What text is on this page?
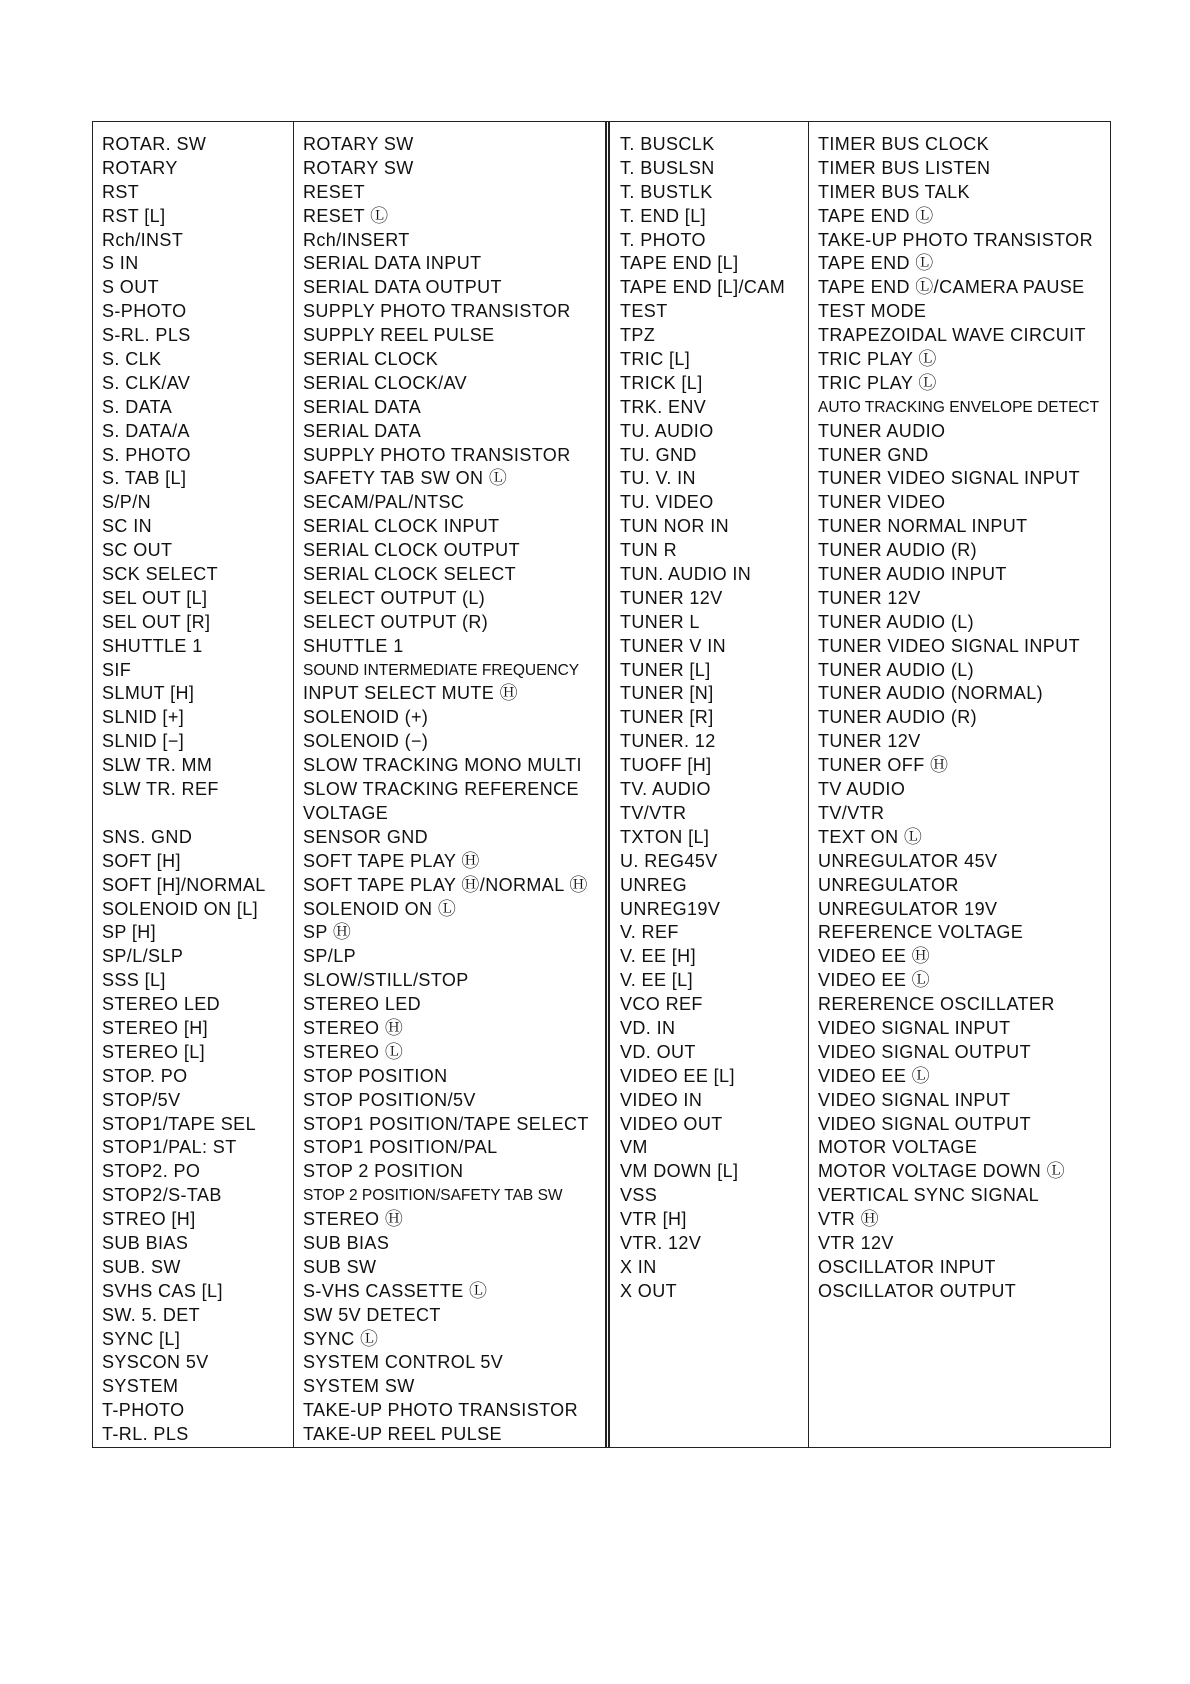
ROTAR. SW
ROTARY
RST
RST [L]
Rch/INST
S IN
S OUT
S-PHOTO
S-RL. PLS
S. CLK
S. CLK/AV
S. DATA
S. DATA/A
S. PHOTO
S. TAB [L]
S/P/N
SC IN
SC OUT
SCK SELECT
SEL OUT [L]
SEL OUT [R]
SHUTTLE 1
SIF
SLMUT [H]
SLNID [+]
SLNID [−]
SLW TR. MM
SLW TR. REF
SNS. GND
SOFT [H]
SOFT [H]/NORMAL
SOLENOID ON [L]
SP [H]
SP/L/SLP
SSS [L]
STEREO LED
STEREO [H]
STEREO [L]
STOP. PO
STOP/5V
STOP1/TAPE SEL
STOP1/PAL: ST
STOP2. PO
STOP2/S-TAB
STREO [H]
SUB BIAS
SUB. SW
SVHS CAS [L]
SW. 5. DET
SYNC [L]
SYSCON 5V
SYSTEM
T-PHOTO
T-RL. PLS
ROTARY SW
ROTARY SW
RESET
RESET Ⓛ
Rch/INSERT
SERIAL DATA INPUT
SERIAL DATA OUTPUT
SUPPLY PHOTO TRANSISTOR
SUPPLY REEL PULSE
SERIAL CLOCK
SERIAL CLOCK/AV
SERIAL DATA
SERIAL DATA
SUPPLY PHOTO TRANSISTOR
SAFETY TAB SW ON Ⓛ
SECAM/PAL/NTSC
SERIAL CLOCK INPUT
SERIAL CLOCK OUTPUT
SERIAL CLOCK SELECT
SELECT OUTPUT (L)
SELECT OUTPUT (R)
SHUTTLE 1
SOUND INTERMEDIATE FREQUENCY
INPUT SELECT MUTE Ⓗ
SOLENOID (+)
SOLENOID (−)
SLOW TRACKING MONO MULTI
SLOW TRACKING REFERENCE
VOLTAGE
SENSOR GND
SOFT TAPE PLAY Ⓗ
SOFT TAPE PLAY Ⓗ/NORMAL Ⓗ
SOLENOID ON Ⓛ
SP Ⓗ
SP/LP
SLOW/STILL/STOP
STEREO LED
STEREO Ⓗ
STEREO Ⓛ
STOP POSITION
STOP POSITION/5V
STOP1 POSITION/TAPE SELECT
STOP1 POSITION/PAL
STOP 2 POSITION
STOP 2 POSITION/SAFETY TAB SW
STEREO Ⓗ
SUB BIAS
SUB SW
S-VHS CASSETTE Ⓛ
SW 5V DETECT
SYNC Ⓛ
SYSTEM CONTROL 5V
SYSTEM SW
TAKE-UP PHOTO TRANSISTOR
TAKE-UP REEL PULSE
T. BUSCLK
T. BUSLSN
T. BUSTLK
T. END [L]
T. PHOTO
TAPE END [L]
TAPE END [L]/CAM
TEST
TPZ
TRIC [L]
TRICK [L]
TRK. ENV
TU. AUDIO
TU. GND
TU. V. IN
TU. VIDEO
TUN NOR IN
TUN R
TUN. AUDIO IN
TUNER 12V
TUNER L
TUNER V IN
TUNER [L]
TUNER [N]
TUNER [R]
TUNER. 12
TUOFF [H]
TV. AUDIO
TV/VTR
TXTON [L]
U. REG45V
UNREG
UNREG19V
V. REF
V. EE [H]
V. EE [L]
VCO REF
VD. IN
VD. OUT
VIDEO EE [L]
VIDEO IN
VIDEO OUT
VM
VM DOWN [L]
VSS
VTR [H]
VTR. 12V
X IN
X OUT
TIMER BUS CLOCK
TIMER BUS LISTEN
TIMER BUS TALK
TAPE END Ⓛ
TAKE-UP PHOTO TRANSISTOR
TAPE END Ⓛ
TAPE END Ⓛ/CAMERA PAUSE
TEST MODE
TRAPEZOIDAL WAVE CIRCUIT
TRIC PLAY Ⓛ
TRIC PLAY Ⓛ
AUTO TRACKING ENVELOPE DETECT
TUNER AUDIO
TUNER GND
TUNER VIDEO SIGNAL INPUT
TUNER VIDEO
TUNER NORMAL INPUT
TUNER AUDIO (R)
TUNER AUDIO INPUT
TUNER 12V
TUNER AUDIO (L)
TUNER VIDEO SIGNAL INPUT
TUNER AUDIO (L)
TUNER AUDIO (NORMAL)
TUNER AUDIO (R)
TUNER 12V
TUNER OFF Ⓗ
TV AUDIO
TV/VTR
TEXT ON Ⓛ
UNREGULATOR 45V
UNREGULATOR
UNREGULATOR 19V
REFERENCE VOLTAGE
VIDEO EE Ⓗ
VIDEO EE Ⓛ
RERERENCE OSCILLATER
VIDEO SIGNAL INPUT
VIDEO SIGNAL OUTPUT
VIDEO EE Ⓛ
VIDEO SIGNAL INPUT
VIDEO SIGNAL OUTPUT
MOTOR VOLTAGE
MOTOR VOLTAGE DOWN Ⓛ
VERTICAL SYNC SIGNAL
VTR Ⓗ
VTR 12V
OSCILLATOR INPUT
OSCILLATOR OUTPUT
